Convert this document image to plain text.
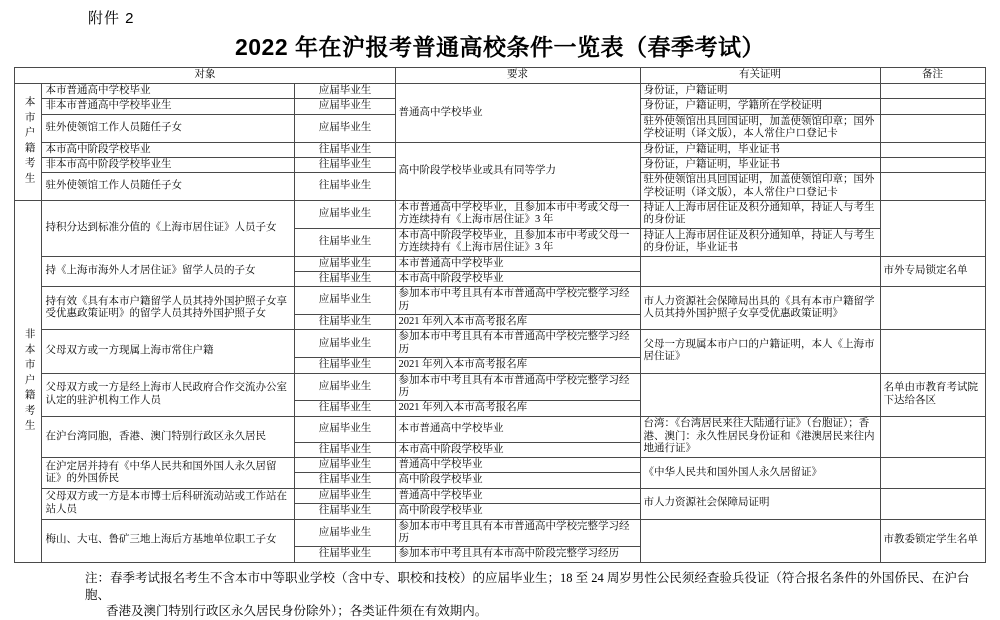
附件 2
2022 年在沪报考普通高校条件一览表（春季考试）
对象			要求	有关证明	备注

本市户籍考生	本市普通高中学校毕业	应届毕业生	普通高中学校毕业	身份证，户籍证明	
	非本市普通高中学校毕业生	应届毕业生		身份证，户籍证明，学籍所在学校证明	
	驻外使领馆工作人员随任子女	应届毕业生		驻外使领馆出具回国证明，加盖使领馆印章；国外学校证明（译文版），本人常住户口登记卡	
	本市高中阶段学校毕业	往届毕业生	高中阶段学校毕业或具有同等学力	身份证，户籍证明，毕业证书	
	非本市高中阶段学校毕业生	往届毕业生		身份证，户籍证明，毕业证书	
	驻外使领馆工作人员随任子女	往届毕业生		驻外使领馆出具回国证明，加盖使领馆印章；国外学校证明（译文版），本人常住户口登记卡	

非本市户籍考生	持积分达到标准分值的《上海市居住证》人员子女	应届毕业生	本市普通高中学校毕业，且参加本市中考或父母一方连续持有《上海市居住证》3 年	持证人上海市居住证及积分通知单，持证人与考生的身份证	
		往届毕业生	本市高中阶段学校毕业，且参加本市中考或父母一方连续持有《上海市居住证》3 年	持证人上海市居住证及积分通知单，持证人与考生的身份证，毕业证书	
	持《上海市海外人才居住证》留学人员的子女	应届毕业生	本市普通高中学校毕业		市外专局锁定名单
		往届毕业生	本市高中阶段学校毕业		
	持有效《具有本市户籍留学人员其持外国护照子女享受优惠政策证明》的留学人员其持外国护照子女	应届毕业生	参加本市中考且具有本市普通高中学校完整学习经历	市人力资源社会保障局出具的《具有本市户籍留学人员其持外国护照子女享受优惠政策证明》	
		往届毕业生	2021 年列入本市高考报名库		
	父母双方或一方现属上海市常住户籍	应届毕业生	参加本市中考且具有本市普通高中学校完整学习经历	父母一方现属本市户口的户籍证明，本人《上海市居住证》	
		往届毕业生	2021 年列入本市高考报名库		
	父母双方或一方是经上海市人民政府合作交流办公室认定的驻沪机构工作人员	应届毕业生	参加本市中考且具有本市普通高中学校完整学习经历		名单由市教育考试院下达给各区
		往届毕业生	2021 年列入本市高考报名库		
	在沪台湾同胞，香港、澳门特别行政区永久居民	应届毕业生	本市普通高中学校毕业	台湾：《台湾居民来往大陆通行证》（台胞证）；香港、澳门：永久性居民身份证和《港澳居民来往内地通行证》	
		往届毕业生	本市高中阶段学校毕业		
	在沪定居并持有《中华人民共和国外国人永久居留证》的外国侨民	应届毕业生	普通高中学校毕业	《中华人民共和国外国人永久居留证》	
		往届毕业生	高中阶段学校毕业		
	父母双方或一方是本市博士后科研流动站或工作站在站人员	应届毕业生	普通高中学校毕业	市人力资源社会保障局证明	
		往届毕业生	高中阶段学校毕业		
	梅山、大屯、鲁矿三地上海后方基地单位职工子女	应届毕业生	参加本市中考且具有本市普通高中学校完整学习经历		市教委锁定学生名单
		往届毕业生	参加本市中考且具有本市高中阶段完整学习经历		
注：春季考试报名考生不含本市中等职业学校（含中专、职校和技校）的应届毕业生；18 至 24 周岁男性公民须经查验兵役证（符合报名条件的外国侨民、在沪台胞、
香港及澳门特别行政区永久居民身份除外）；各类证件须在有效期内。
